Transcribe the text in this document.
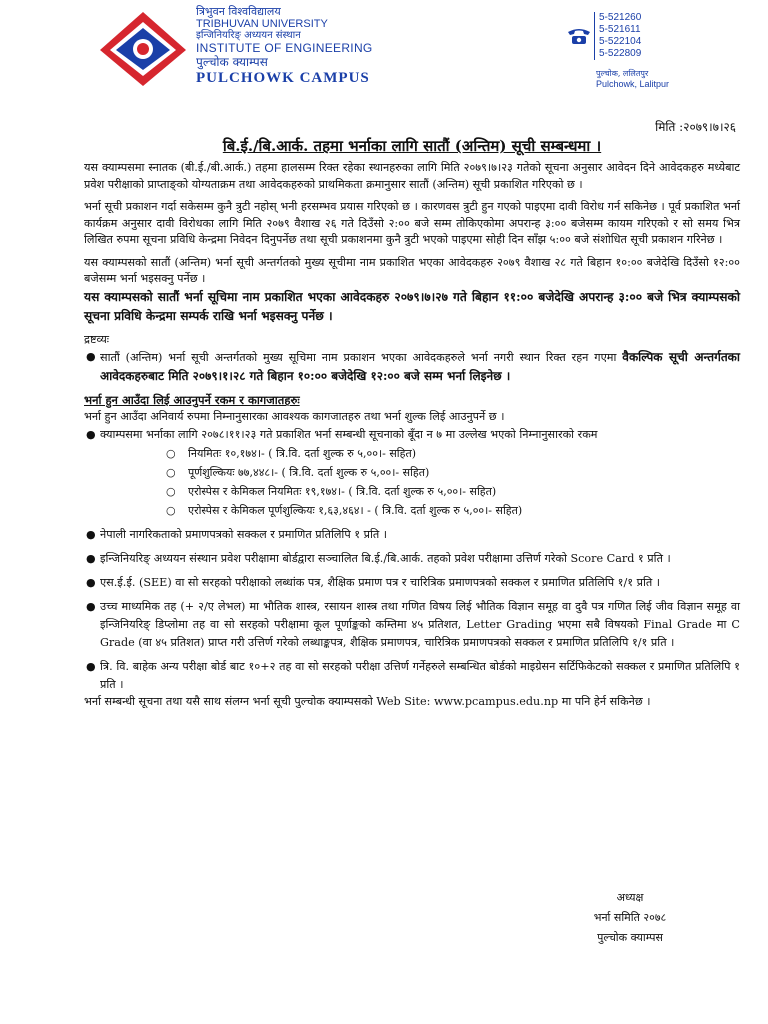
त्रिभुवन विश्वविद्यालय
TRIBHUVAN UNIVERSITY
इन्जिनियरिङ्‌ अध्ययन संस्थान
INSTITUTE OF ENGINEERING
पुल्चोक क्याम्पस
PULCHOWK CAMPUS
5-521260
5-521611
5-522104
5-522809
पुल्चोक, ललितपुर
Pulchowk, Lalitpur
मिति :२०७९।७।२६
बि.ई./बि.आर्क. तहमा भर्नाका लागि सातौं (अन्तिम) सूची सम्बन्धमा ।

यस क्याम्पसमा स्नातक (बी.ई./बी.आर्क.) तहमा हालसम्म रिक्त रहेका स्थानहरुका लागि मिति २०७९।७।२३ गतेको सूचना अनुसार आवेदन दिने आवेदकहरु मध्येबाट प्रवेश परीक्षाको प्राप्ताङ्‌को योग्यताक्रम तथा आवेदकहरुको प्राथमिकता क्रमानुसार सातौं (अन्तिम) सूची प्रकाशित गरिएको छ ।

भर्ना सूची प्रकाशन गर्दा सकेसम्म कुनै त्रुटी नहोस् भनी हरसम्भव प्रयास गरिएको छ । कारणवस त्रुटी हुन गएको पाइएमा दावी विरोध गर्न सकिनेछ । पूर्व प्रकाशित भर्ना कार्यक्रम अनुसार दावी विरोधका लागि मिति २०७९ वैशाख २६ गते दिउँसो २:०० बजे सम्म तोकिएकोमा अपरान्ह ३:०० बजेसम्म कायम गरिएको र सो समय भित्र लिखित रुपमा सूचना प्रविधि केन्द्रमा निवेदन दिनुपर्नेछ तथा सूची प्रकाशनमा कुनै त्रुटी भएको पाइएमा सोही दिन साँझ ५:०० बजे संशोधित सूची प्रकाशन गरिनेछ ।

यस क्याम्पसको सातौं (अन्तिम) भर्ना सूची अन्तर्गतको मुख्य सूचीमा नाम प्रकाशित भएका आवेदकहरु २०७९ वैशाख २८ गते बिहान १०:०० बजेदेखि दिउँसो १२:०० बजेसम्म भर्ना भइसक्नु पर्नेछ ।

यस क्याम्पसको सातौं भर्ना सूचिमा नाम प्रकाशित भएका आवेदकहरु २०७९।७।२७ गते बिहान ११:०० बजेदेखि अपरान्ह ३:०० बजे भित्र क्याम्पसको सूचना प्रविधि केन्द्रमा सम्पर्क राखि भर्ना भइसक्नु पर्नेछ ।

द्रष्टव्यः

● सातौं (अन्तिम) भर्ना सूची अन्तर्गतको मुख्य सूचिमा नाम प्रकाशन भएका आवेदकहरुले भर्ना नगरी स्थान रिक्त रहन गएमा वैकल्पिक सूची अन्तर्गतका आवेदकहरुबाट मिति २०७९।१।२८ गते बिहान १०:०० बजेदेखि १२:०० बजे सम्म भर्ना लिइनेछ ।
भर्ना हुन आउँदा लिई आउनुपर्ने रकम र कागजातहरुः

भर्ना हुन आउँदा अनिवार्य रुपमा निम्नानुसारका आवश्यक कागजातहरु तथा भर्ना शुल्क लिई आउनुपर्ने छ ।

● क्याम्पसमा भर्नाका लागि २०७८।११।२३ गते प्रकाशित भर्ना सम्बन्धी सूचनाको बूँदा न ७ मा उल्लेख भएको निम्नानुसारको रकम
○ नियमितः १०,१७४।- ( त्रि.वि. दर्ता शुल्क रु ५,००।- सहित)
○ पूर्णशुल्कियः ७७,४४८।- ( त्रि.वि. दर्ता शुल्क रु ५,००।- सहित)
○ एरोस्पेस र केमिकल नियमितः १९,१७४।- ( त्रि.वि. दर्ता शुल्क रु ५,००।- सहित)
○ एरोस्पेस र केमिकल पूर्णशुल्कियः १,६३,४६४। - ( त्रि.वि. दर्ता शुल्क रु ५,००।- सहित)
● नेपाली नागरिकताको प्रमाणपत्रको सक्कल र प्रमाणित प्रतिलिपि १ प्रति ।
● इन्जिनियरिङ्‌ अध्ययन संस्थान प्रवेश परीक्षामा बोर्डद्वारा सञ्चालित बि.ई./बि.आर्क. तहको प्रवेश परीक्षामा उत्तिर्ण गरेको Score Card १ प्रति ।
● एस.ई.ई. (SEE) वा सो सरहको परीक्षाको लब्धांक पत्र, शैक्षिक प्रमाण पत्र र चारित्रिक प्रमाणपत्रको सक्कल र प्रमाणित प्रतिलिपि १/१ प्रति ।
● उच्च माध्यमिक तह (+ २/ए लेभल) मा भौतिक शास्त्र, रसायन शास्त्र तथा गणित विषय लिई भौतिक विज्ञान समूह वा दुवै पत्र गणित लिई जीव विज्ञान समूह वा इन्जिनियरिङ्‌ डिप्लोमा तह वा सो सरहको परीक्षामा कूल पूर्णाङ्कको कम्तिमा ४५ प्रतिशत, Letter Grading भएमा सबै विषयको Final Grade मा C Grade (वा ४५ प्रतिशत) प्राप्त गरी उत्तिर्ण गरेको लब्धाङ्कपत्र, शैक्षिक प्रमाणपत्र, चारित्रिक प्रमाणपत्रको सक्कल र प्रमाणित प्रतिलिपि १/१ प्रति ।
● त्रि. वि. बाहेक अन्य परीक्षा बोर्ड बाट १०+२ तह वा सो सरहको परीक्षा उत्तिर्ण गर्नेहरुले सम्बन्धित बोर्डको माइग्रेसन सर्टिफिकेटको सक्कल र प्रमाणित प्रतिलिपि १ प्रति ।

भर्ना सम्बन्धी सूचना तथा यसै साथ संलग्न भर्ना सूची पुल्चोक क्याम्पसको Web Site: www.pcampus.edu.np मा पनि हेर्न सकिनेछ ।

अध्यक्ष
भर्ना समिति २०७८
पुल्चोक क्याम्पस
